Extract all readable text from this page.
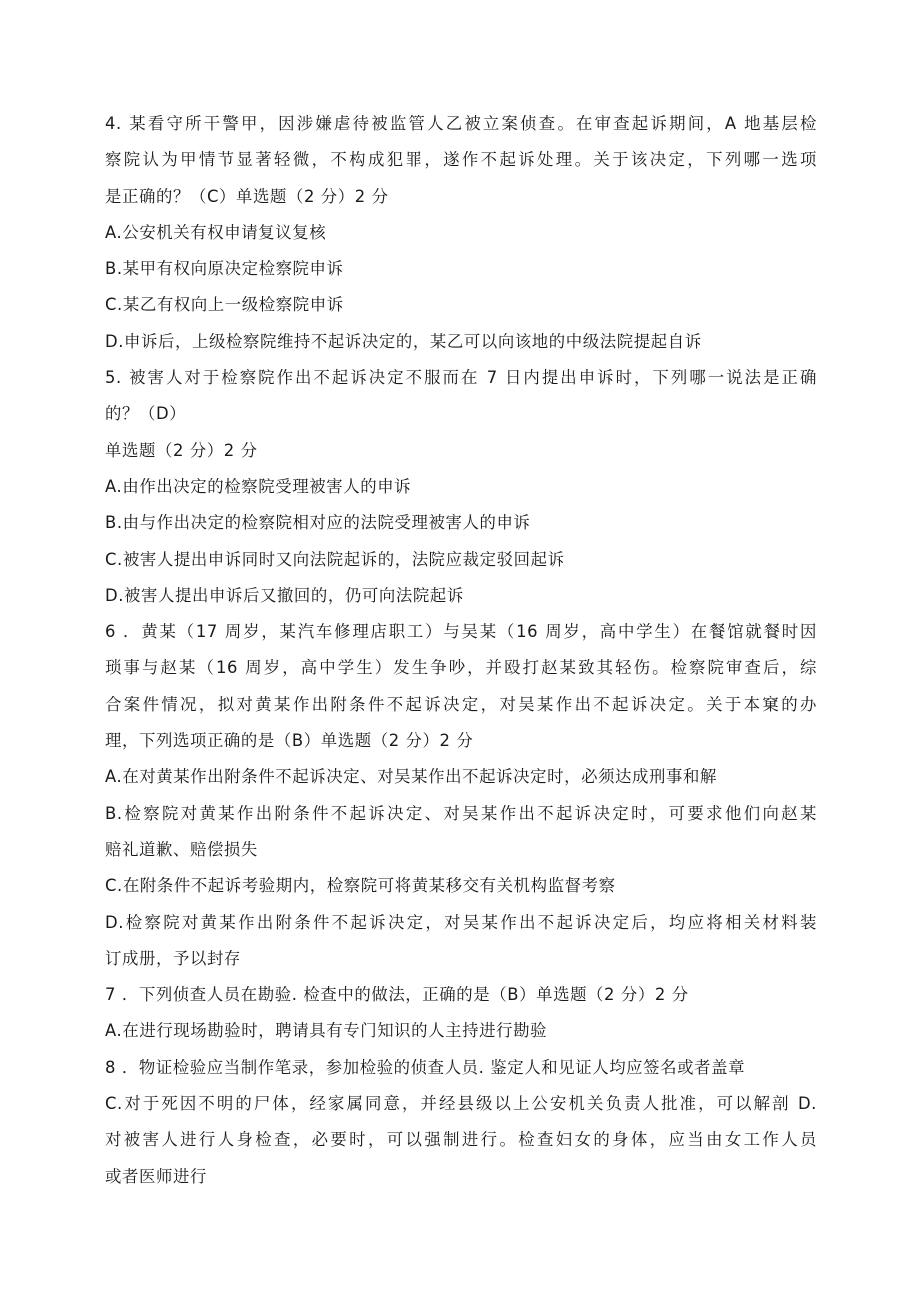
4. 某看守所干警甲，因涉嫌虐待被监管人乙被立案侦查。在审查起诉期间，A 地基层检
察院认为甲情节显著轻微，不构成犯罪，遂作不起诉处理。关于该决定，下列哪一选项
是正确的？（C）单选题（2 分）2 分
A.公安机关有权申请复议复核
B.某甲有权向原决定检察院申诉
C.某乙有权向上一级检察院申诉
D.申诉后，上级检察院维持不起诉决定的，某乙可以向该地的中级法院提起自诉
5. 被害人对于检察院作出不起诉决定不服而在 7 日内提出申诉时，下列哪一说法是正确
的？（D）
单选题（2 分）2 分
A.由作出决定的检察院受理被害人的申诉
B.由与作出决定的检察院相对应的法院受理被害人的申诉
C.被害人提出申诉同时又向法院起诉的，法院应裁定驳回起诉
D.被害人提出申诉后又撤回的，仍可向法院起诉
6 ．黄某（17 周岁，某汽车修理店职工）与吴某（16 周岁，高中学生）在餐馆就餐时因
琐事与赵某（16 周岁，高中学生）发生争吵，并殴打赵某致其轻伤。检察院审查后，综
合案件情况，拟对黄某作出附条件不起诉决定，对吴某作出不起诉决定。关于本窠的办
理，下列选项正确的是（B）单选题（2 分）2 分
A.在对黄某作出附条件不起诉决定、对吴某作出不起诉决定时，必须达成刑事和解
B.检察院对黄某作出附条件不起诉决定、对吴某作出不起诉决定时，可要求他们向赵某
赔礼道歉、赔偿损失
C.在附条件不起诉考验期内，检察院可将黄某移交有关机构监督考察
D.检察院对黄某作出附条件不起诉决定，对吴某作出不起诉决定后，均应将相关材料装
订成册，予以封存
7 ．下列侦查人员在勘验. 检查中的做法，正确的是（B）单选题（2 分）2 分
A.在进行现场勘验时，聘请具有专门知识的人主持进行勘验
8 ．物证检验应当制作笔录，参加检验的侦查人员. 鉴定人和见证人均应签名或者盖章
C.对于死因不明的尸体，经家属同意，并经县级以上公安机关负责人批准，可以解剖 D.
对被害人进行人身检查，必要时，可以强制进行。检查妇女的身体，应当由女工作人员
或者医师进行
